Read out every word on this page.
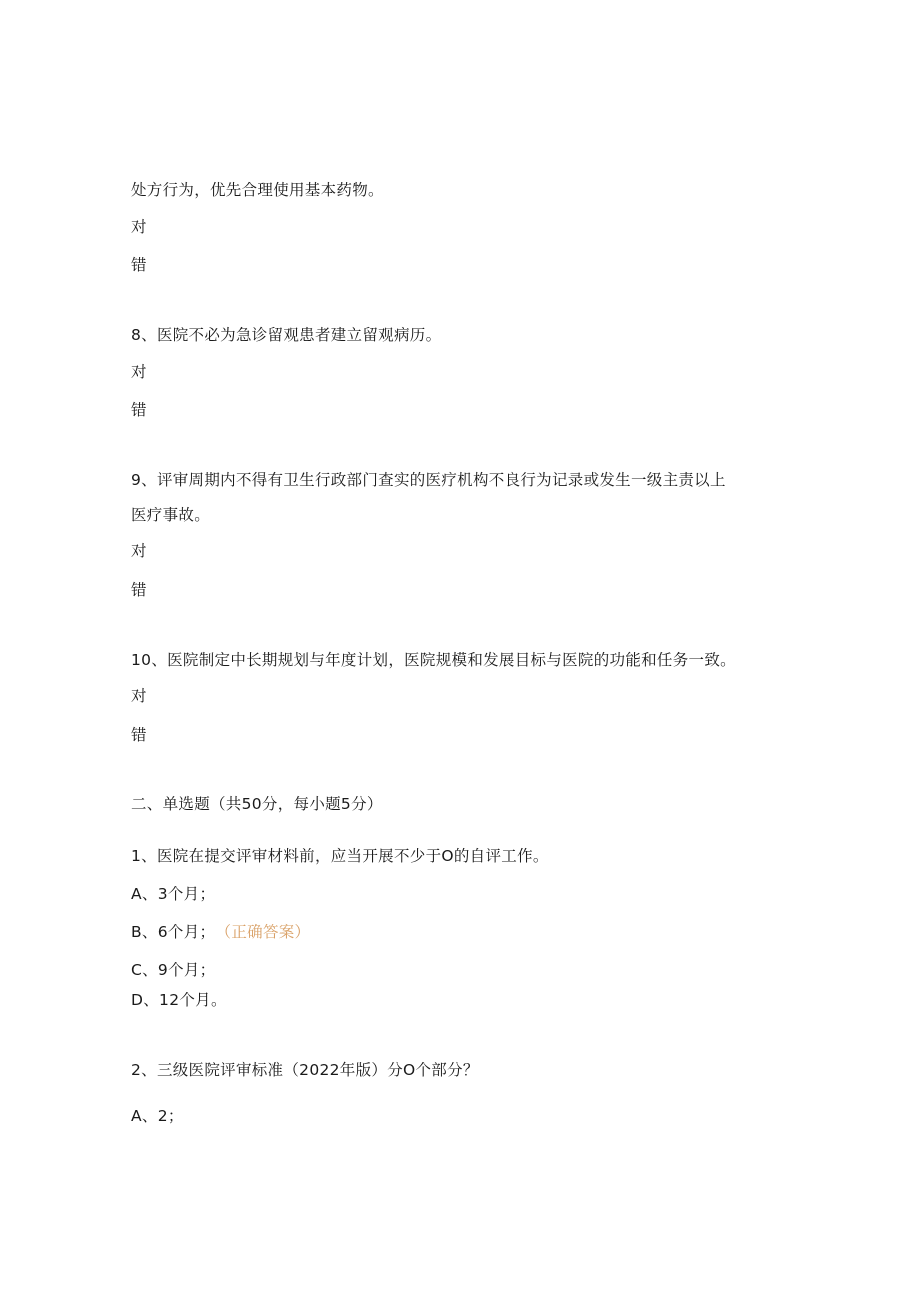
处方行为，优先合理使用基本药物。
对
错
8、医院不必为急诊留观患者建立留观病历。
对
错
9、评审周期内不得有卫生行政部门查实的医疗机构不良行为记录或发生一级主责以上
医疗事故。
对
错
10、医院制定中长期规划与年度计划，医院规模和发展目标与医院的功能和任务一致。
对
错
二、单选题（共50分，每小题5分）
1、医院在提交评审材料前，应当开展不少于O的自评工作。
A、3个月；
B、6个月； （正确答案）
C、9个月；
D、12个月。
2、三级医院评审标准（2022年版）分O个部分？
A、2；
